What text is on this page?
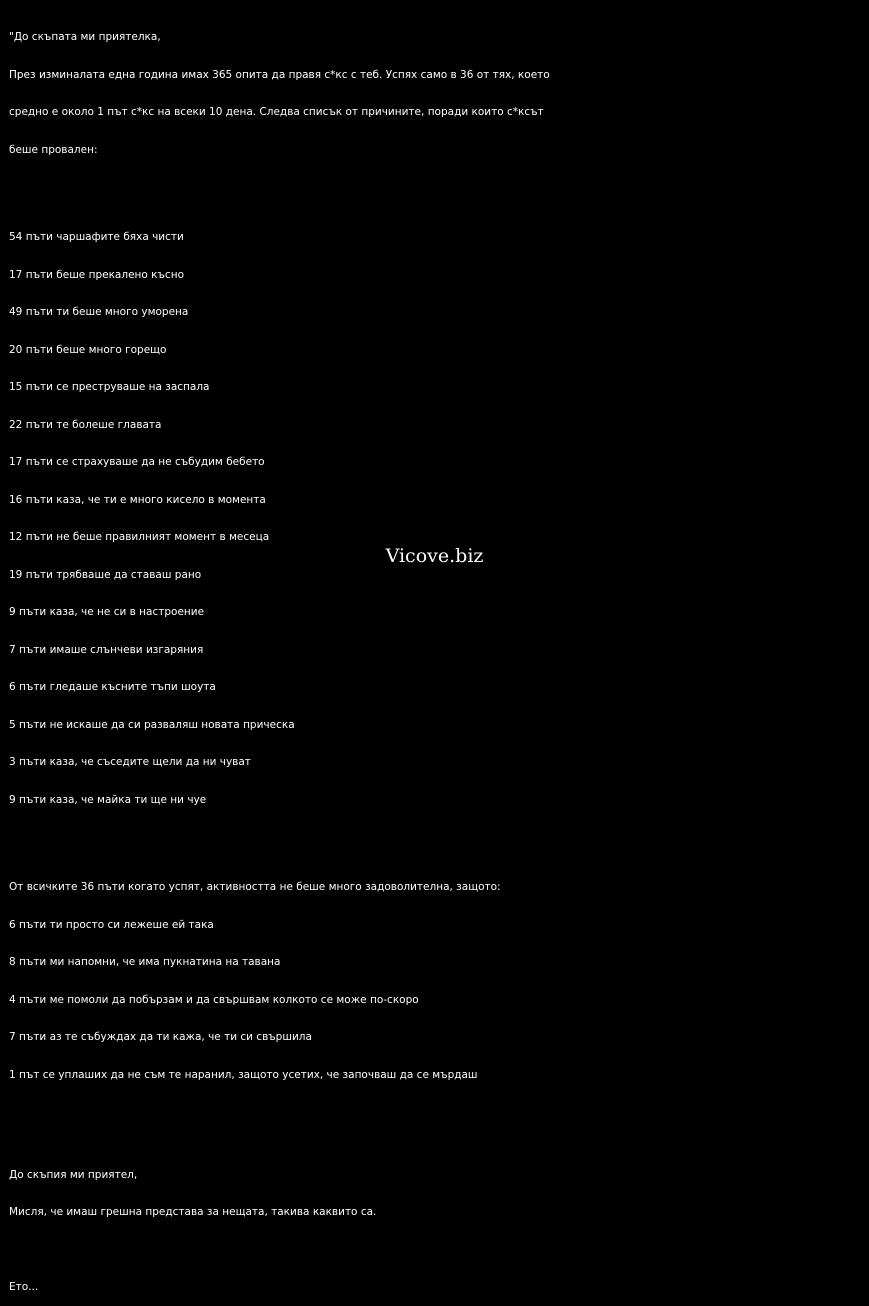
"До скъпата ми приятелка,

През изминалата една година имах 365 опита да правя с*кс с теб. Успях само в 36 от тях, което

средно е около 1 път с*кс на всеки 10 дена. Следва списък от причините, поради които с*ксът

беше провален:

54 пъти чаршафите бяха чисти

17 пъти беше прекалено късно

49 пъти ти беше много уморена

20 пъти беше много горещо

15 пъти се преструваше на заспала

22 пъти те болеше главата

17 пъти се страхуваше да не събудим бебето

16 пъти каза, че ти е много кисело в момента

12 пъти не беше правилният момент в месеца

19 пъти трябваше да ставаш рано

9 пъти каза, че не си в настроение

7 пъти имаше слънчеви изгаряния

6 пъти гледаше късните тъпи шоута

5 пъти не искаше да си разваляш новата прическа

3 пъти каза, че съседите щели да ни чуват

9 пъти каза, че майка ти ще ни чуе

От всичките 36 пъти когато успят, активността не беше много задоволителна, защото:

6 пъти ти просто си лежеше ей така

8 пъти ми напомни, че има пукнатина на тавана

4 пъти ме помоли да побързам и да свършвам колкото се може по-скоро

7 пъти аз те събуждах да ти кажа, че ти си свършила

1 път се уплаших да не съм те наранил, защото усетих, че започваш да се мърдаш

До скъпия ми приятел,

Мисля, че имаш грешна представа за нещата, такива каквито са.

Ето...

Vicove.biz
